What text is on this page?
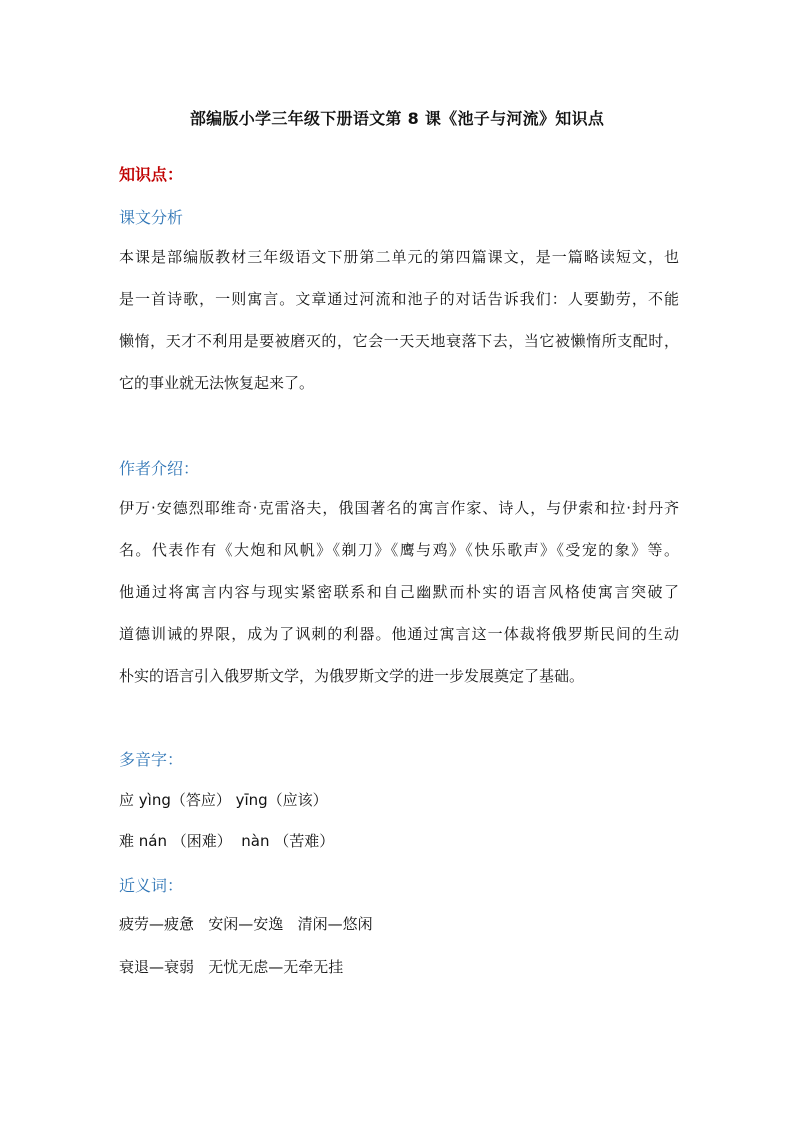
部编版小学三年级下册语文第 8 课《池子与河流》知识点
知识点：
课文分析
本课是部编版教材三年级语文下册第二单元的第四篇课文，是一篇略读短文，也
是一首诗歌，一则寓言。文章通过河流和池子的对话告诉我们：人要勤劳，不能
懒惰，天才不利用是要被磨灭的，它会一天天地衰落下去，当它被懒惰所支配时，
它的事业就无法恢复起来了。
作者介绍：
伊万·安德烈耶维奇·克雷洛夫，俄国著名的寓言作家、诗人，与伊索和拉·封丹齐
名。代表作有《大炮和风帆》《剃刀》《鹰与鸡》《快乐歌声》《受宠的象》等。
他通过将寓言内容与现实紧密联系和自己幽默而朴实的语言风格使寓言突破了
道德训诫的界限，成为了讽刺的利器。他通过寓言这一体裁将俄罗斯民间的生动
朴实的语言引入俄罗斯文学，为俄罗斯文学的进一步发展奠定了基础。
多音字：
应 yìng（答应） yīng（应该）
难 nán （困难）  nàn （苦难）
近义词：
疲劳—疲惫   安闲—安逸   清闲—悠闲
衰退—衰弱   无忧无虑—无牵无挂
